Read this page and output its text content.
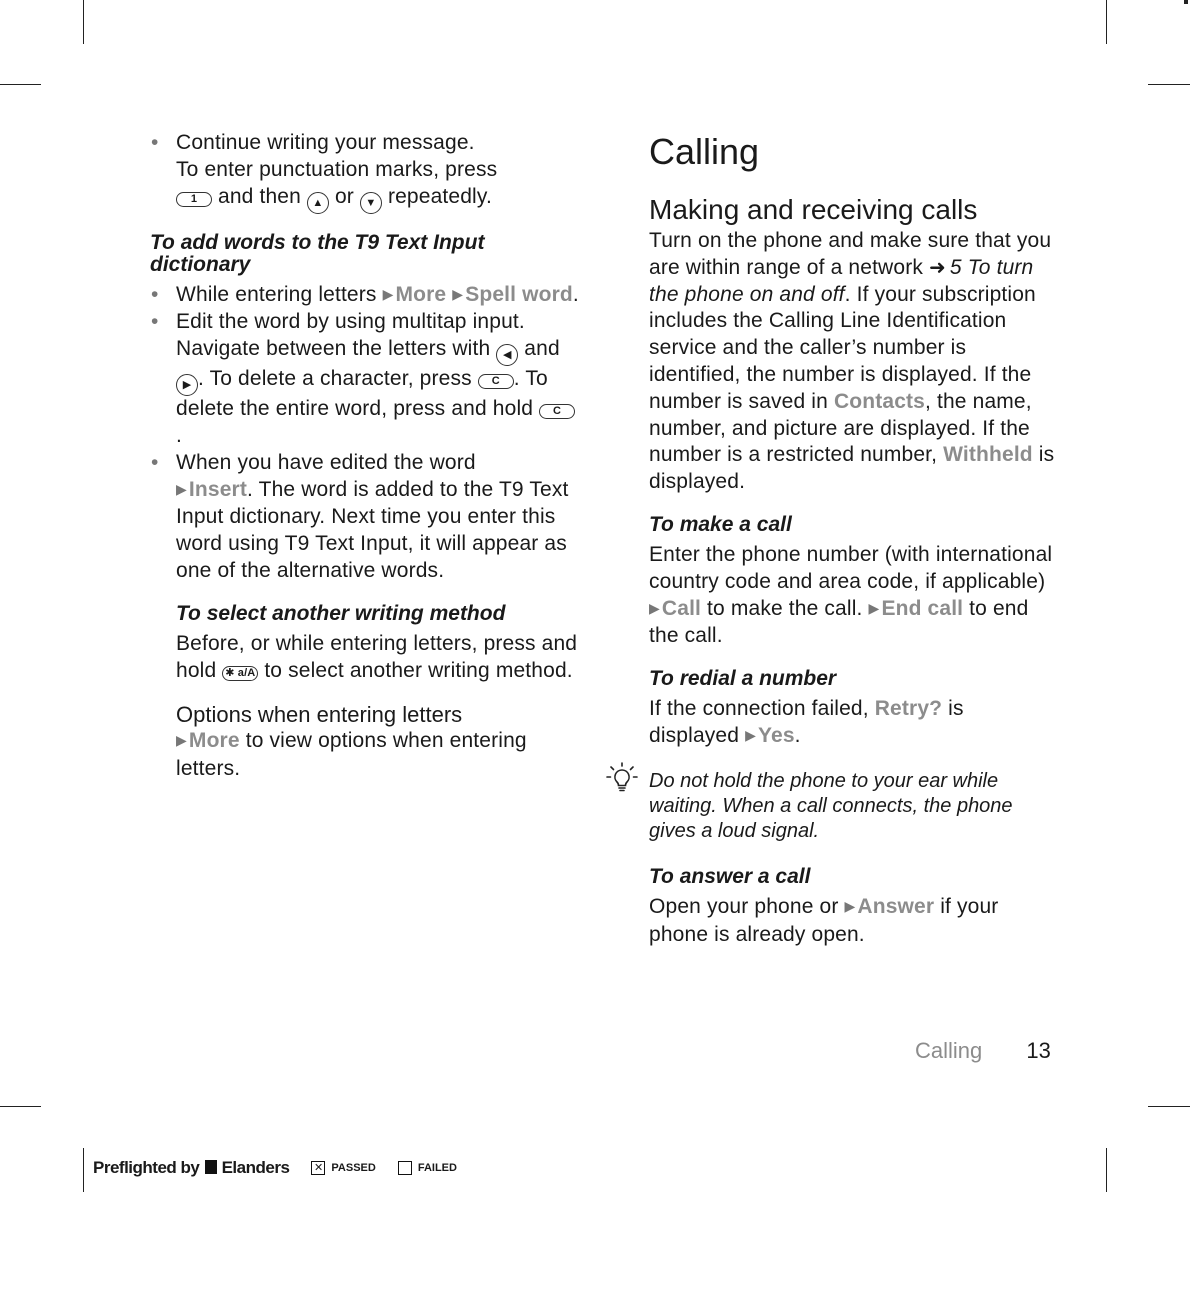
• Continue writing your message.
To enter punctuation marks, press
1 and then ▲ or ▼ repeatedly.
To add words to the T9 Text Input dictionary
• While entering letters ▶More ▶Spell word.
• Edit the word by using multitap input. Navigate between the letters with ◀ and ▶ . To delete a character, press C . To delete the entire word, press and hold C.
• When you have edited the word
▶Insert. The word is added to the T9 Text Input dictionary. Next time you enter this word using T9 Text Input, it will appear as one of the alternative words.
To select another writing method

Before, or while entering letters, press and hold ✱ a/A to select another writing method.

Options when entering letters

▶More to view options when entering letters.

Calling
Making and receiving calls

Turn on the phone and make sure that you are within range of a network ➜ 5 To turn the phone on and off. If your subscription includes the Calling Line Identification service and the caller’s number is identified, the number is displayed. If the number is saved in Contacts, the name, number, and picture are displayed. If the number is a restricted number, Withheld is displayed.

To make a call

Enter the phone number (with international country code and area code, if applicable) ▶Call to make the call. ▶End call to end the call.

To redial a number

If the connection failed, Retry? is displayed ▶Yes.

Do not hold the phone to your ear while waiting. When a call connects, the phone gives a loud signal.
To answer a call

Open your phone or ▶Answer if your phone is already open.

Calling 13
Preflighted by	Elanders ✕ PASSED	FAILED
